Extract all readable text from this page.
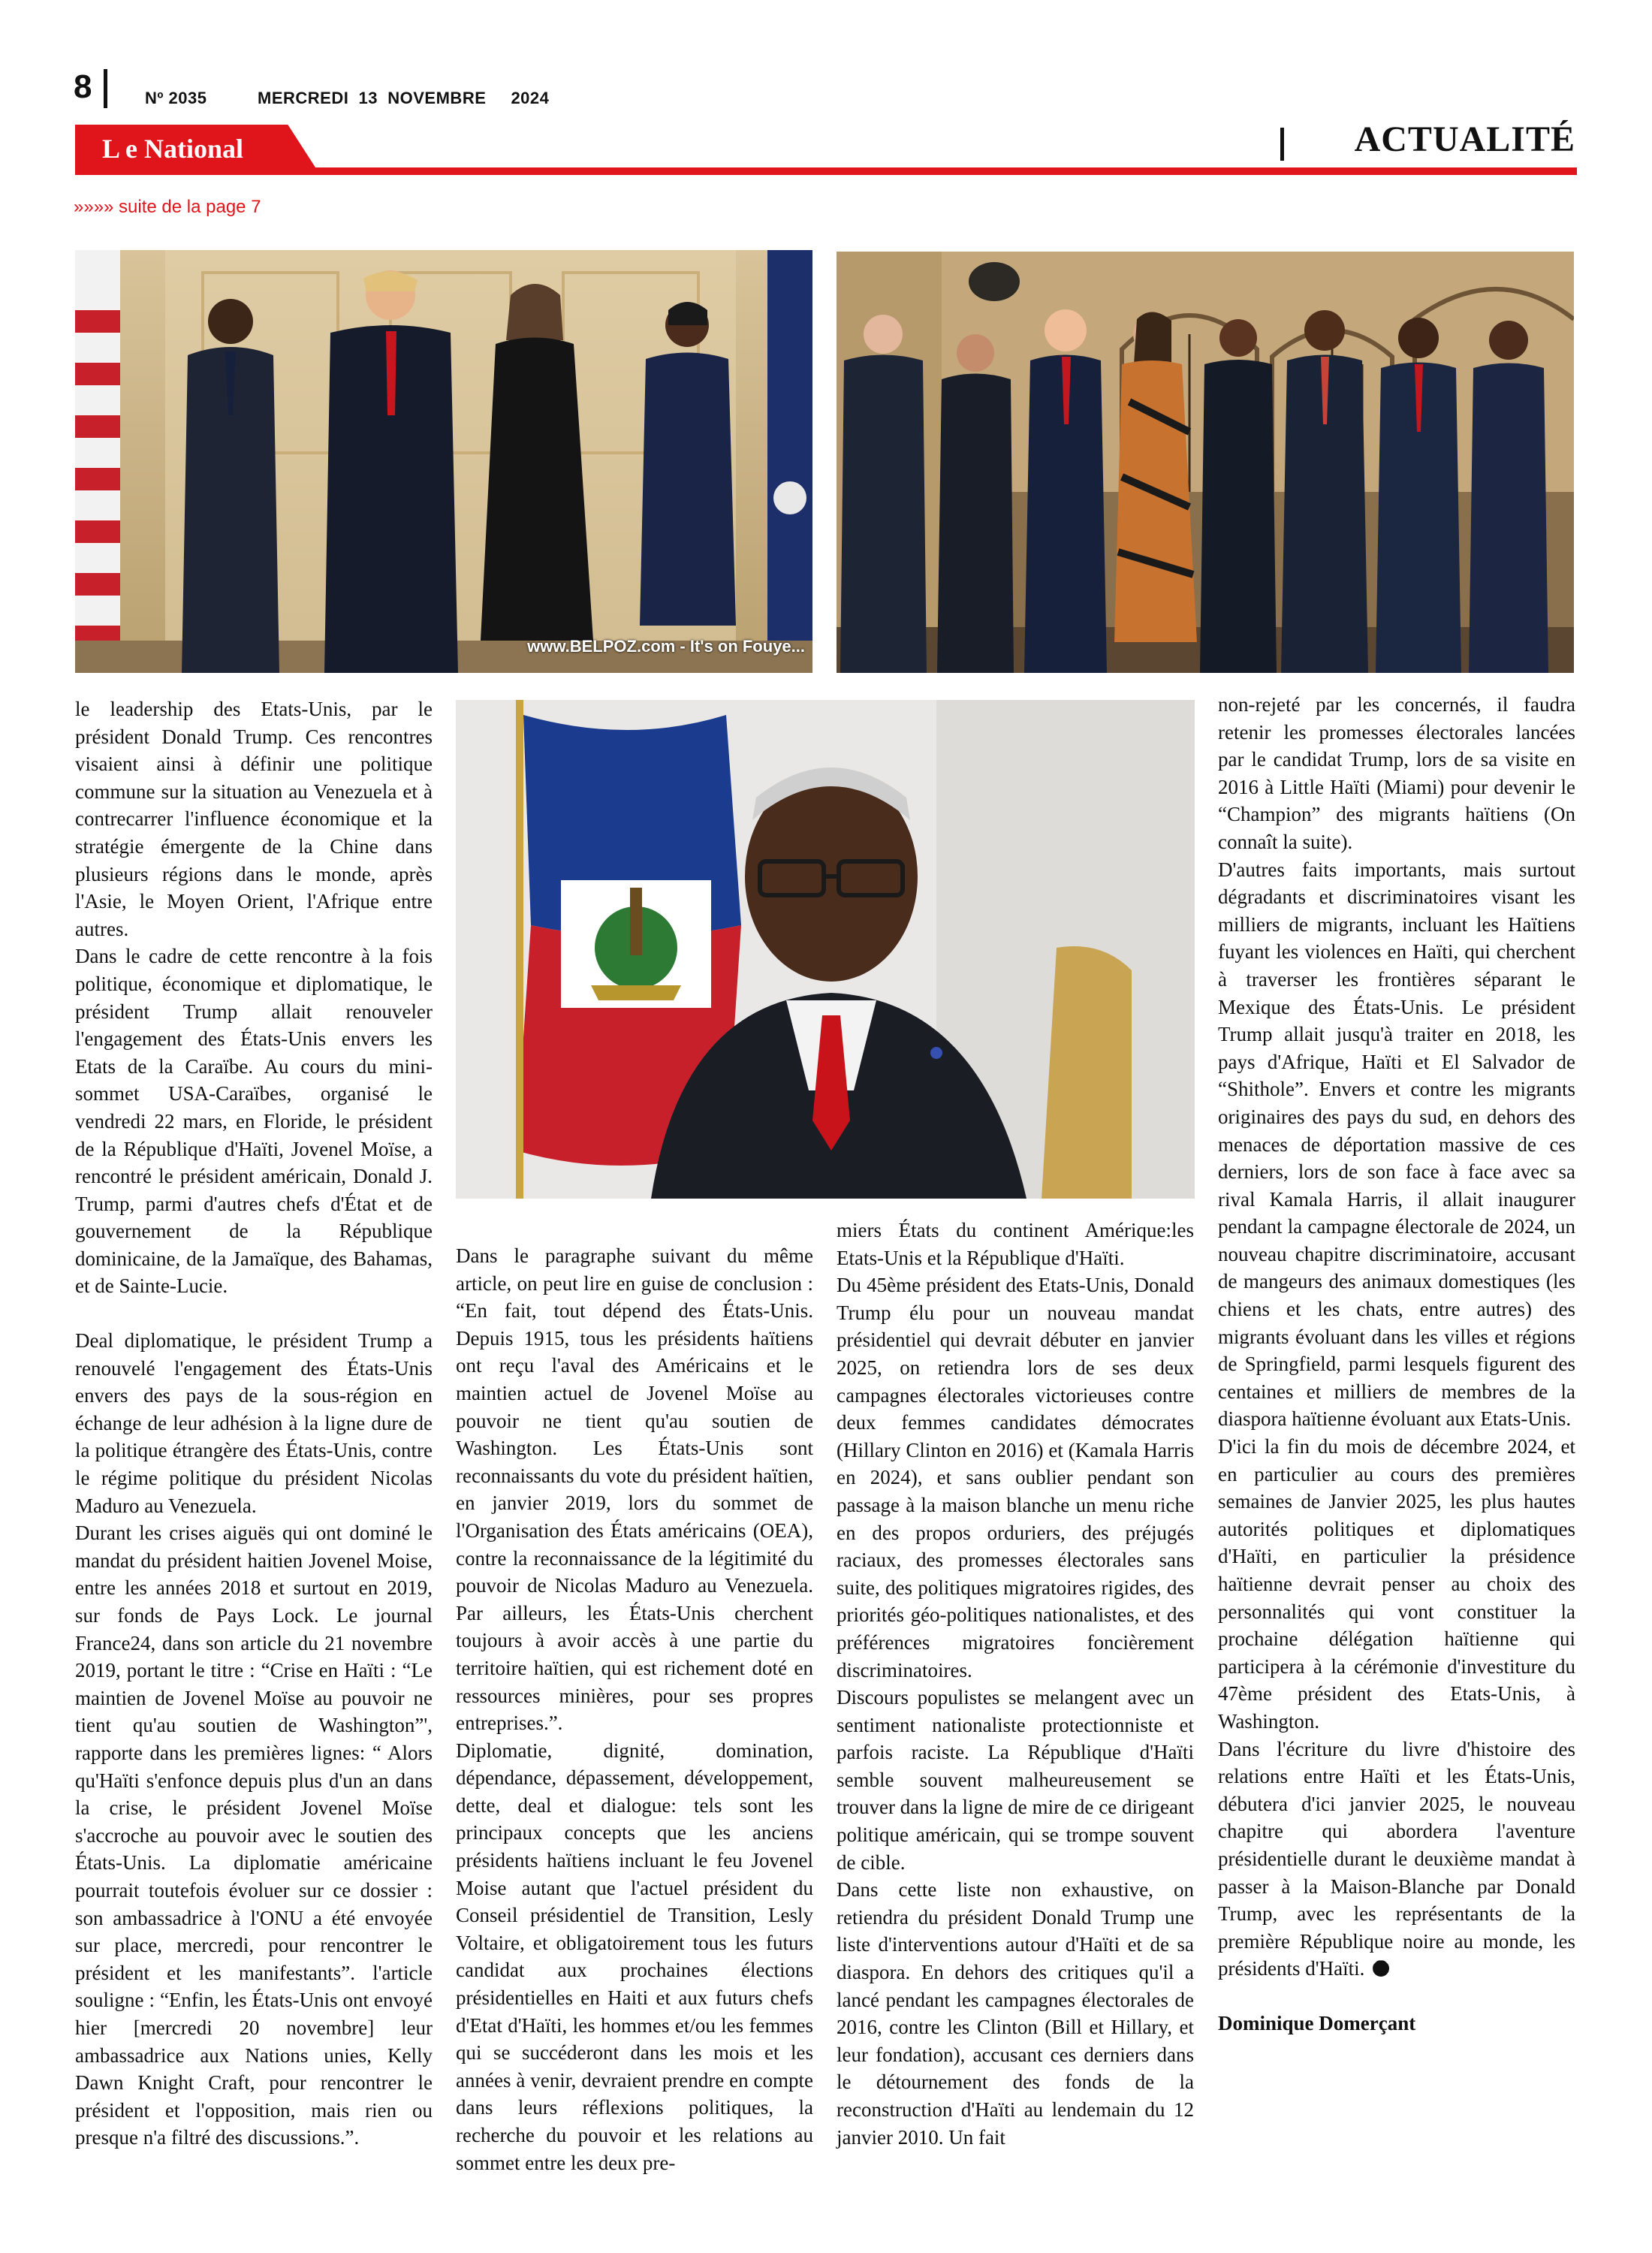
8	Nº 2035	MERCREDI  13  NOVEMBRE     2024
L e National	ACTUALITÉ
»»»» suite de la page 7
www.BELPOZ.com - It's on Fouye...

le leadership des Etats-Unis, par le président Donald Trump. Ces rencontres visaient ainsi à définir une politique commune sur la situation au Venezuela et à contrecarrer l'influence économique et la stratégie émergente de la Chine dans plusieurs régions dans le monde, après l'Asie, le Moyen Orient, l'Afrique entre autres.

Dans le cadre de cette rencontre à la fois politique, économique et diplomatique, le président Trump allait renouveler l'engagement des États-Unis envers les Etats de la Caraïbe. Au cours du mini-sommet USA-Caraïbes, organisé le vendredi 22 mars, en Floride, le président de la République d'Haïti, Jovenel Moïse, a rencontré le président américain, Donald J. Trump, parmi d'autres chefs d'État et de gouvernement de la République dominicaine, de la Jamaïque, des Bahamas, et de Sainte-Lucie.

Deal diplomatique, le président Trump a renouvelé l'engagement des États-Unis envers des pays de la sous-région en échange de leur adhésion à la ligne dure de la politique étrangère des États-Unis, contre le régime politique du président Nicolas Maduro au Venezuela.

Durant les crises aiguës qui ont dominé le mandat du président haitien Jovenel Moise, entre les années 2018 et surtout en 2019, sur fonds de Pays Lock. Le journal France24, dans son article du 21 novembre 2019, portant le titre : “Crise en Haïti : “Le maintien de Jovenel Moïse au pouvoir ne tient qu'au soutien de Washington”', rapporte dans les premières lignes: “ Alors qu'Haïti s'enfonce depuis plus d'un an dans la crise, le président Jovenel Moïse s'accroche au pouvoir avec le soutien des États-Unis. La diplomatie américaine pourrait toutefois évoluer sur ce dossier : son ambassadrice à l'ONU a été envoyée sur place, mercredi, pour rencontrer le président et les manifestants”. l'article souligne : “Enfin, les États-Unis ont envoyé hier [mercredi 20 novembre] leur ambassadrice aux Nations unies, Kelly Dawn Knight Craft, pour rencontrer le président et l'opposition, mais rien ou presque n'a filtré des discussions.”.

Dans le paragraphe suivant du même article, on peut lire en guise de conclusion : “En fait, tout dépend des États-Unis. Depuis 1915, tous les présidents haïtiens ont reçu l'aval des Américains et le maintien actuel de Jovenel Moïse au pouvoir ne tient qu'au soutien de Washington. Les États-Unis sont reconnaissants du vote du président haïtien, en janvier 2019, lors du sommet de l'Organisation des États américains (OEA), contre la reconnaissance de la légitimité du pouvoir de Nicolas Maduro au Venezuela. Par ailleurs, les États-Unis cherchent toujours à avoir accès à une partie du territoire haïtien, qui est richement doté en ressources minières, pour ses propres entreprises.”.

Diplomatie, dignité, domination, dépendance, dépassement, développement, dette, deal et dialogue: tels sont les principaux concepts que les anciens présidents haïtiens incluant le feu Jovenel Moise autant que l'actuel président du Conseil présidentiel de Transition, Lesly Voltaire, et obligatoirement tous les futurs candidat aux prochaines élections présidentielles en Haiti et aux futurs chefs d'Etat d'Haïti, les hommes et/ou les femmes qui se succéderont dans les mois et les années à venir, devraient prendre en compte dans leurs réflexions politiques, la recherche du pouvoir et les relations au sommet entre les deux pre-

miers États du continent Amérique:les Etats-Unis et la République d'Haïti.

Du 45ème président des Etats-Unis, Donald Trump élu pour un nouveau mandat présidentiel qui devrait débuter en janvier 2025, on retiendra lors de ses deux campagnes électorales victorieuses contre deux femmes candidates démocrates (Hillary Clinton en 2016) et (Kamala Harris en 2024), et sans oublier pendant son passage à la maison blanche un menu riche en des propos orduriers, des préjugés raciaux, des promesses électorales sans suite, des politiques migratoires rigides, des priorités géo-politiques nationalistes, et des préférences migratoires foncièrement discriminatoires.

Discours populistes se melangent avec un sentiment nationaliste protectionniste et parfois raciste. La République d'Haïti semble souvent malheureusement se trouver dans la ligne de mire de ce dirigeant politique américain, qui se trompe souvent de cible.

Dans cette liste non exhaustive, on retiendra du président Donald Trump une liste d'interventions autour d'Haïti et de sa diaspora. En dehors des critiques qu'il a lancé pendant les campagnes électorales de 2016, contre les Clinton (Bill et Hillary, et leur fondation), accusant ces derniers dans le détournement des fonds de la reconstruction d'Haïti au lendemain du 12 janvier 2010. Un fait

non-rejeté par les concernés, il faudra retenir les promesses électorales lancées par le candidat Trump, lors de sa visite en 2016 à Little Haïti (Miami) pour devenir le “Champion” des migrants haïtiens (On connaît la suite).

D'autres faits importants, mais surtout dégradants et discriminatoires visant les milliers de migrants, incluant les Haïtiens fuyant les violences en Haïti, qui cherchent à traverser les frontières séparant le Mexique des États-Unis. Le président Trump allait jusqu'à traiter en 2018, les pays d'Afrique, Haïti et El Salvador de “Shithole”. Envers et contre les migrants originaires des pays du sud, en dehors des menaces de déportation massive de ces derniers, lors de son face à face avec sa rival Kamala Harris, il allait inaugurer pendant la campagne électorale de 2024, un nouveau chapitre discriminatoire, accusant de mangeurs des animaux domestiques (les chiens et les chats, entre autres) des migrants évoluant dans les villes et régions de Springfield, parmi lesquels figurent des centaines et milliers de membres de la diaspora haïtienne évoluant aux Etats-Unis.

D'ici la fin du mois de décembre 2024, et en particulier au cours des premières semaines de Janvier 2025, les plus hautes autorités politiques et diplomatiques d'Haïti, en particulier la présidence haïtienne devrait penser au choix des personnalités qui vont constituer la prochaine délégation haïtienne qui participera à la cérémonie d'investiture du 47ème président des Etats-Unis, à Washington.

Dans l'écriture du livre d'histoire des relations entre Haïti et les États-Unis, débutera d'ici janvier 2025, le nouveau chapitre qui abordera l'aventure présidentielle durant le deuxième mandat à passer à la Maison-Blanche par Donald Trump, avec les représentants de la première République noire au monde, les présidents d'Haïti.

Dominique Domerçant
